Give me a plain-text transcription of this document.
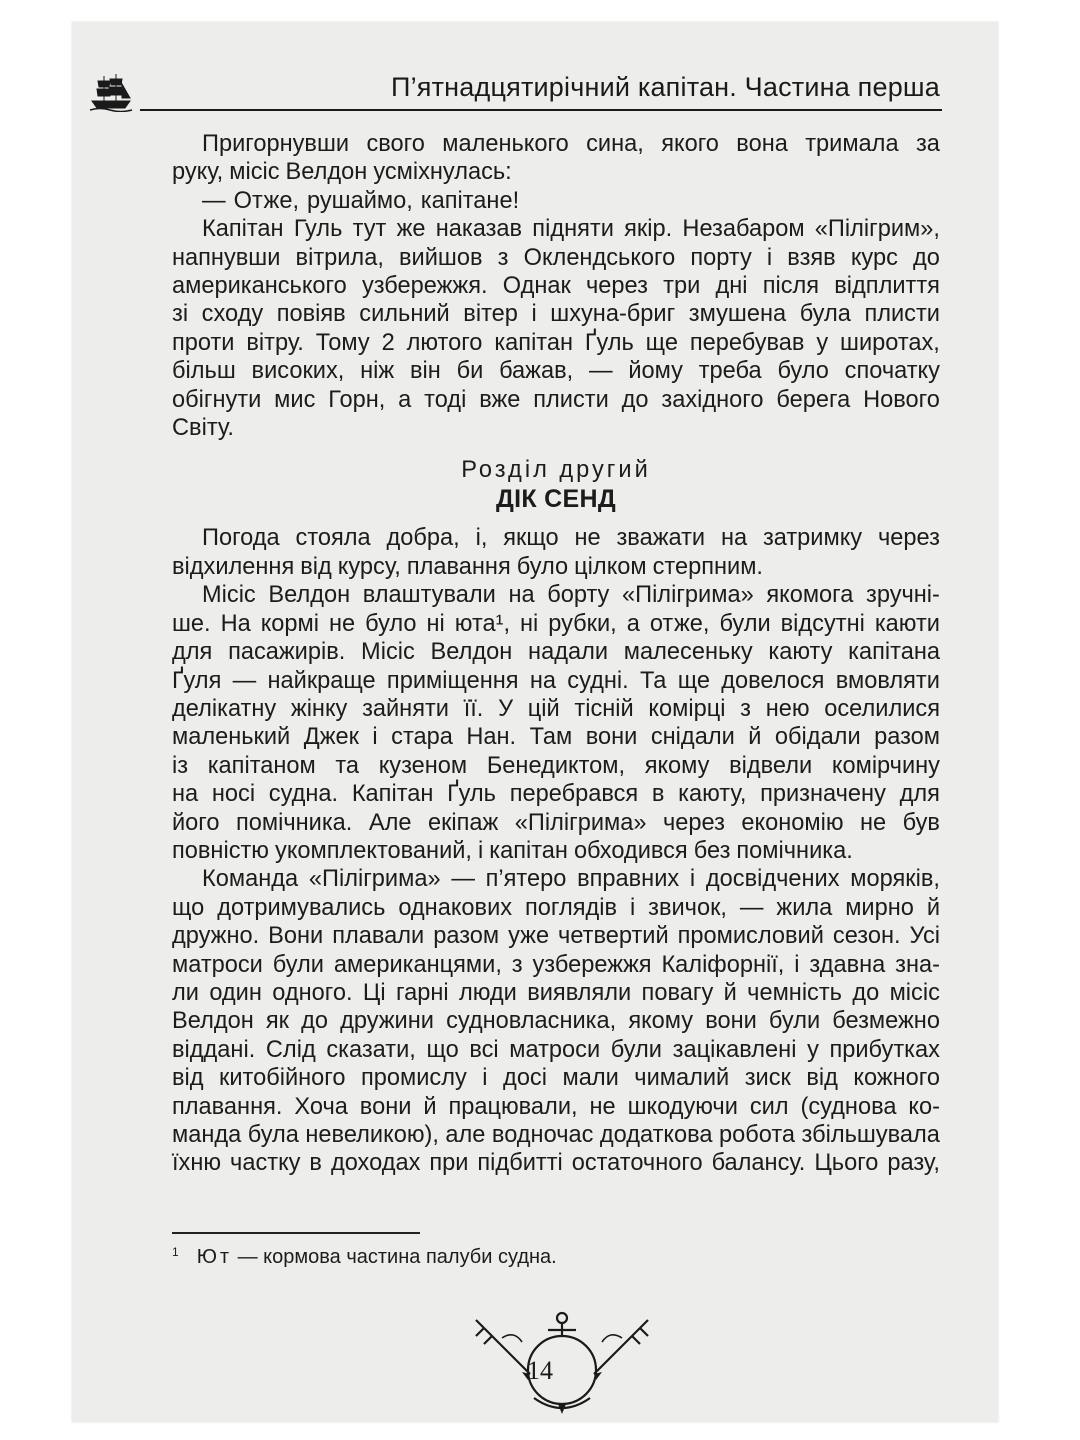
П’ятнадцятирічний капітан. Частина перша
Пригорнувши свого маленького сина, якого вона тримала за
руку, місіс Велдон усміхнулась:
— Отже, рушаймо, капітане!
Капітан Гуль тут же наказав підняти якір. Незабаром «Пілігрим»,
напнувши вітрила, вийшов з Оклендського порту і взяв курс до
американського узбережжя. Однак через три дні після відплиття
зі сходу повіяв сильний вітер і шхуна-бриг змушена була плисти
проти вітру. Тому 2 лютого капітан Ґуль ще перебував у широтах,
більш високих, ніж він би бажав, — йому треба було спочатку
обігнути мис Горн, а тоді вже плисти до західного берега Нового
Світу.
Розділ другий
ДІК СЕНД
Погода стояла добра, і, якщо не зважати на затримку через
відхилення від курсу, плавання було цілком стерпним.
Місіс Велдон влаштували на борту «Пілігрима» якомога зручні-
ше. На кормі не було ні юта¹, ні рубки, а отже, були відсутні каюти
для пасажирів. Місіс Велдон надали малесеньку каюту капітана
Ґуля — найкраще приміщення на судні. Та ще довелося вмовляти
делікатну жінку зайняти її. У цій тісній комірці з нею оселилися
маленький Джек і стара Нан. Там вони снідали й обідали разом
із капітаном та кузеном Бенедиктом, якому відвели комірчину
на носі судна. Капітан Ґуль перебрався в каюту, призначену для
його помічника. Але екіпаж «Пілігрима» через економію не був
повністю укомплектований, і капітан обходився без помічника.
Команда «Пілігрима» — п’ятеро вправних і досвідчених моряків,
що дотримувались однакових поглядів і звичок, — жила мирно й
дружно. Вони плавали разом уже четвертий промисловий сезон. Усі
матроси були американцями, з узбережжя Каліфорнії, і здавна зна-
ли один одного. Ці гарні люди виявляли повагу й чемність до місіс
Велдон як до дружини судновласника, якому вони були безмежно
віддані. Слід сказати, що всі матроси були зацікавлені у прибутках
від китобійного промислу і досі мали чималий зиск від кожного
плавання. Хоча вони й працювали, не шкодуючи сил (суднова ко-
манда була невеликою), але водночас додаткова робота збільшувала
їхню частку в доходах при підбитті остаточного балансу. Цього разу,
$^1$ Ют — кормова частина палуби судна.
14
